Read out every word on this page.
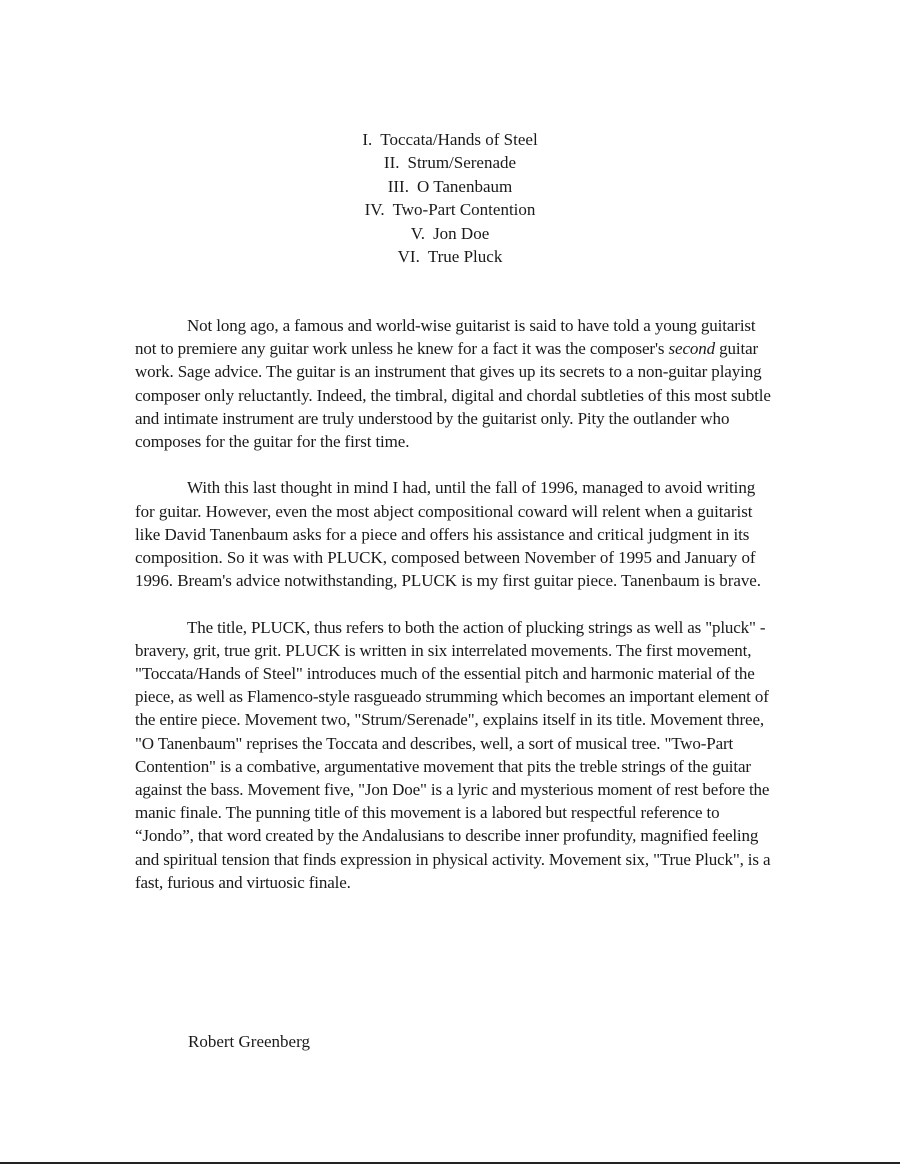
I. Toccata/Hands of Steel
II. Strum/Serenade
III. O Tanenbaum
IV. Two-Part Contention
V. Jon Doe
VI. True Pluck

Not long ago, a famous and world-wise guitarist is said to have told a young guitarist not to premiere any guitar work unless he knew for a fact it was the composer's second guitar work. Sage advice. The guitar is an instrument that gives up its secrets to a non-guitar playing composer only reluctantly. Indeed, the timbral, digital and chordal subtleties of this most subtle and intimate instrument are truly understood by the guitarist only. Pity the outlander who composes for the guitar for the first time.

With this last thought in mind I had, until the fall of 1996, managed to avoid writing for guitar. However, even the most abject compositional coward will relent when a guitarist like David Tanenbaum asks for a piece and offers his assistance and critical judgment in its composition. So it was with PLUCK, composed between November of 1995 and January of 1996. Bream's advice notwithstanding, PLUCK is my first guitar piece. Tanenbaum is brave.

The title, PLUCK, thus refers to both the action of plucking strings as well as "pluck" - bravery, grit, true grit. PLUCK is written in six interrelated movements. The first movement, "Toccata/Hands of Steel" introduces much of the essential pitch and harmonic material of the piece, as well as Flamenco-style rasgueado strumming which becomes an important element of the entire piece. Movement two, "Strum/Serenade", explains itself in its title. Movement three, "O Tanenbaum" reprises the Toccata and describes, well, a sort of musical tree. "Two-Part Contention" is a combative, argumentative movement that pits the treble strings of the guitar against the bass. Movement five, "Jon Doe" is a lyric and mysterious moment of rest before the manic finale. The punning title of this movement is a labored but respectful reference to “Jondo”, that word created by the Andalusians to describe inner profundity, magnified feeling and spiritual tension that finds expression in physical activity. Movement six, "True Pluck", is a fast, furious and virtuosic finale.

Robert Greenberg
